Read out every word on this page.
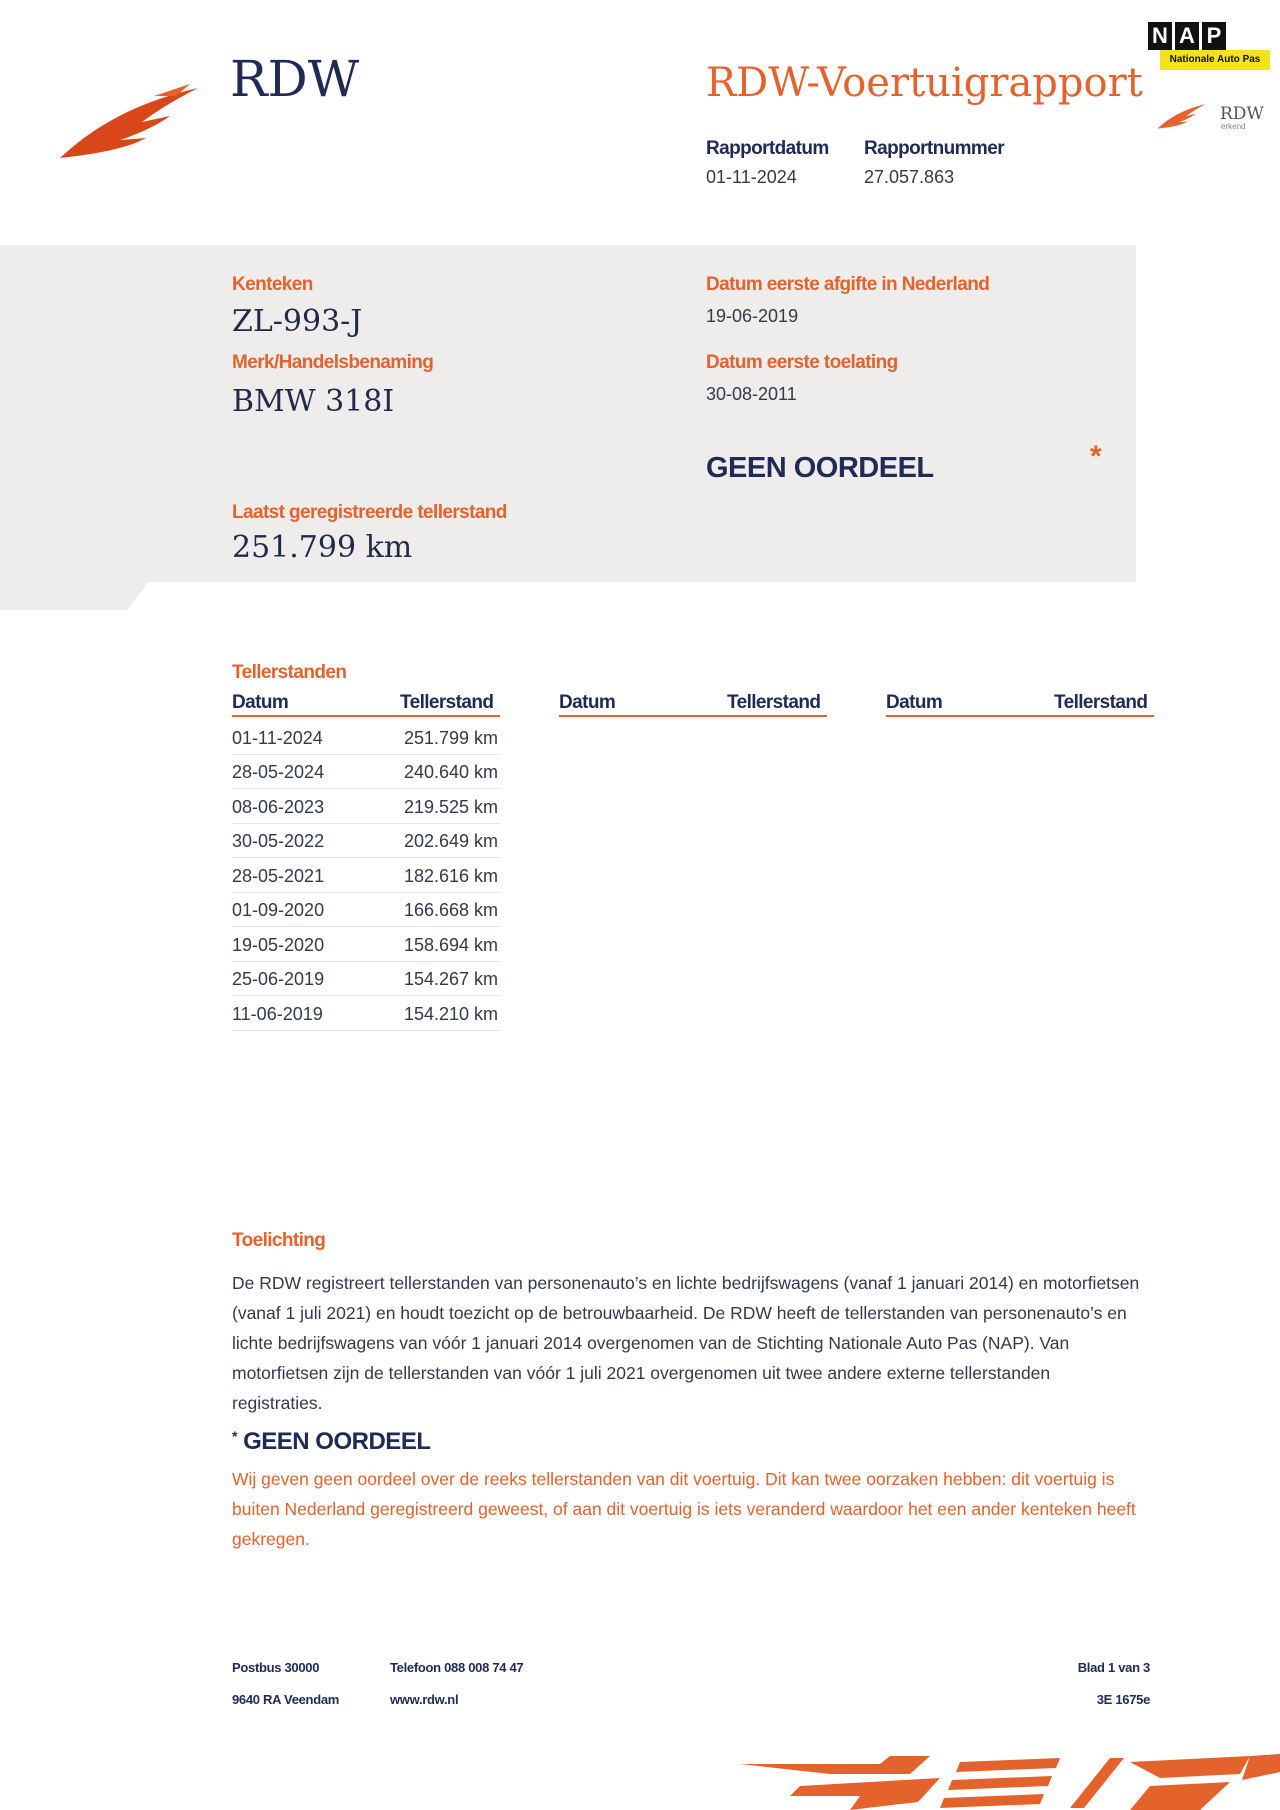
RDW	RDW-Voertuigrapport
Rapportdatum
01-11-2024
Rapportnummer
27.057.863
N A P
Nationale Auto Pas
RDW
erkend
Kenteken
ZL-993-J
Merk/Handelsbenaming
BMW 318I
Laatst geregistreerde tellerstand
251.799 km
Datum eerste afgifte in Nederland
19-06-2019
Datum eerste toelating
30-08-2011
GEEN OORDEEL	*
Tellerstanden
Datum	Tellerstand	Datum	Tellerstand	Datum	Tellerstand
01-11-2024	251.799 km
28-05-2024	240.640 km
08-06-2023	219.525 km
30-05-2022	202.649 km
28-05-2021	182.616 km
01-09-2020	166.668 km
19-05-2020	158.694 km
25-06-2019	154.267 km
11-06-2019	154.210 km
Toelichting
De RDW registreert tellerstanden van personenauto’s en lichte bedrijfswagens (vanaf 1 januari 2014) en motorfietsen (vanaf 1 juli 2021) en houdt toezicht op de betrouwbaarheid. De RDW heeft de tellerstanden van personenauto’s en lichte bedrijfswagens van vóór 1 januari 2014 overgenomen van de Stichting Nationale Auto Pas (NAP). Van motorfietsen zijn de tellerstanden van vóór 1 juli 2021 overgenomen uit twee andere externe tellerstanden registraties.
* GEEN OORDEEL
Wij geven geen oordeel over de reeks tellerstanden van dit voertuig. Dit kan twee oorzaken hebben: dit voertuig is buiten Nederland geregistreerd geweest, of aan dit voertuig is iets veranderd waardoor het een ander kenteken heeft gekregen.
Postbus 30000
9640 RA Veendam
Telefoon 088 008 74 47
www.rdw.nl
Blad 1 van 3
3E 1675e
